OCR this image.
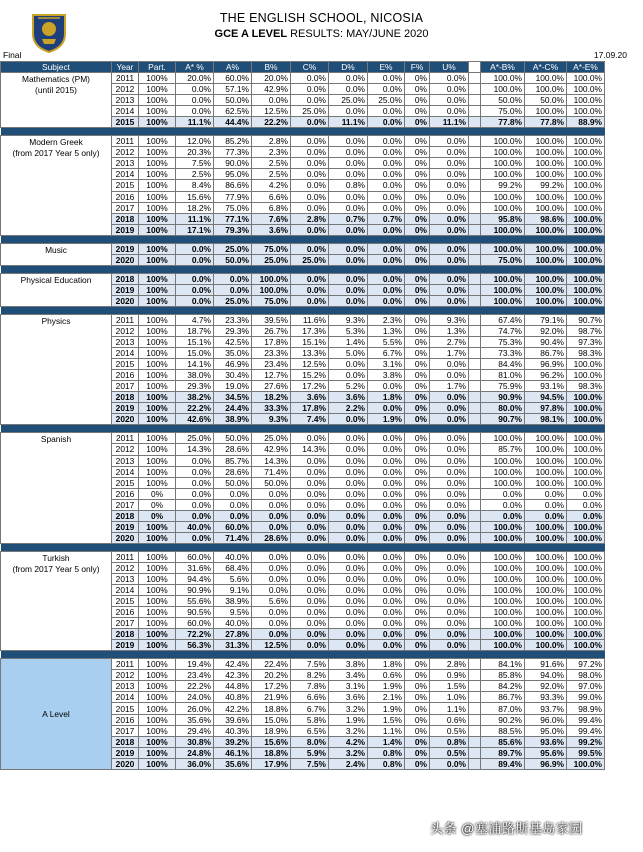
THE ENGLISH SCHOOL, NICOSIA
GCE A LEVEL RESULTS: MAY/JUNE 2020
Final	17.09.20
Subject	Year	Part.	A* %	A%	B%	C%	D%	E%	F%	U%		A*-B%	A*-C%	A*-E%
Mathematics (PM)
(until 2015)	2011	100%	20.0%	60.0%	20.0%	0.0%	0.0%	0.0%	0%	0.0%		100.0%	100.0%	100.0%
	2012	100%	0.0%	57.1%	42.9%	0.0%	0.0%	0.0%	0%	0.0%		100.0%	100.0%	100.0%
	2013	100%	0.0%	50.0%	0.0%	0.0%	25.0%	25.0%	0%	0.0%		50.0%	50.0%	100.0%
	2014	100%	0.0%	62.5%	12.5%	25.0%	0.0%	0.0%	0%	0.0%		75.0%	100.0%	100.0%
	2015	100%	11.1%	44.4%	22.2%	0.0%	11.1%	0.0%	0%	11.1%		77.8%	77.8%	88.9%

Modern Greek
(from 2017 Year 5 only)	2011	100%	12.0%	85.2%	2.8%	0.0%	0.0%	0.0%	0%	0.0%		100.0%	100.0%	100.0%
	2012	100%	20.3%	77.3%	2.3%	0.0%	0.0%	0.0%	0%	0.0%		100.0%	100.0%	100.0%
	2013	100%	7.5%	90.0%	2.5%	0.0%	0.0%	0.0%	0%	0.0%		100.0%	100.0%	100.0%
	2014	100%	2.5%	95.0%	2.5%	0.0%	0.0%	0.0%	0%	0.0%		100.0%	100.0%	100.0%
	2015	100%	8.4%	86.6%	4.2%	0.0%	0.8%	0.0%	0%	0.0%		99.2%	99.2%	100.0%
	2016	100%	15.6%	77.9%	6.6%	0.0%	0.0%	0.0%	0%	0.0%		100.0%	100.0%	100.0%
	2017	100%	18.2%	75.0%	6.8%	0.0%	0.0%	0.0%	0%	0.0%		100.0%	100.0%	100.0%
	2018	100%	11.1%	77.1%	7.6%	2.8%	0.7%	0.7%	0%	0.0%		95.8%	98.6%	100.0%
	2019	100%	17.1%	79.3%	3.6%	0.0%	0.0%	0.0%	0%	0.0%		100.0%	100.0%	100.0%

Music	2019	100%	0.0%	25.0%	75.0%	0.0%	0.0%	0.0%	0%	0.0%		100.0%	100.0%	100.0%
	2020	100%	0.0%	50.0%	25.0%	25.0%	0.0%	0.0%	0%	0.0%		75.0%	100.0%	100.0%

Physical Education	2018	100%	0.0%	0.0%	100.0%	0.0%	0.0%	0.0%	0%	0.0%		100.0%	100.0%	100.0%
	2019	100%	0.0%	0.0%	100.0%	0.0%	0.0%	0.0%	0%	0.0%		100.0%	100.0%	100.0%
	2020	100%	0.0%	25.0%	75.0%	0.0%	0.0%	0.0%	0%	0.0%		100.0%	100.0%	100.0%

Physics	2011	100%	4.7%	23.3%	39.5%	11.6%	9.3%	2.3%	0%	9.3%		67.4%	79.1%	90.7%
	2012	100%	18.7%	29.3%	26.7%	17.3%	5.3%	1.3%	0%	1.3%		74.7%	92.0%	98.7%
	2013	100%	15.1%	42.5%	17.8%	15.1%	1.4%	5.5%	0%	2.7%		75.3%	90.4%	97.3%
	2014	100%	15.0%	35.0%	23.3%	13.3%	5.0%	6.7%	0%	1.7%		73.3%	86.7%	98.3%
	2015	100%	14.1%	46.9%	23.4%	12.5%	0.0%	3.1%	0%	0.0%		84.4%	96.9%	100.0%
	2016	100%	38.0%	30.4%	12.7%	15.2%	0.0%	3.8%	0%	0.0%		81.0%	96.2%	100.0%
	2017	100%	29.3%	19.0%	27.6%	17.2%	5.2%	0.0%	0%	1.7%		75.9%	93.1%	98.3%
	2018	100%	38.2%	34.5%	18.2%	3.6%	3.6%	1.8%	0%	0.0%		90.9%	94.5%	100.0%
	2019	100%	22.2%	24.4%	33.3%	17.8%	2.2%	0.0%	0%	0.0%		80.0%	97.8%	100.0%
	2020	100%	42.6%	38.9%	9.3%	7.4%	0.0%	1.9%	0%	0.0%		90.7%	98.1%	100.0%

Spanish	2011	100%	25.0%	50.0%	25.0%	0.0%	0.0%	0.0%	0%	0.0%		100.0%	100.0%	100.0%
	2012	100%	14.3%	28.6%	42.9%	14.3%	0.0%	0.0%	0%	0.0%		85.7%	100.0%	100.0%
	2013	100%	0.0%	85.7%	14.3%	0.0%	0.0%	0.0%	0%	0.0%		100.0%	100.0%	100.0%
	2014	100%	0.0%	28.6%	71.4%	0.0%	0.0%	0.0%	0%	0.0%		100.0%	100.0%	100.0%
	2015	100%	0.0%	50.0%	50.0%	0.0%	0.0%	0.0%	0%	0.0%		100.0%	100.0%	100.0%
	2016	0%	0.0%	0.0%	0.0%	0.0%	0.0%	0.0%	0%	0.0%		0.0%	0.0%	0.0%
	2017	0%	0.0%	0.0%	0.0%	0.0%	0.0%	0.0%	0%	0.0%		0.0%	0.0%	0.0%
	2018	0%	0.0%	0.0%	0.0%	0.0%	0.0%	0.0%	0%	0.0%		0.0%	0.0%	0.0%
	2019	100%	40.0%	60.0%	0.0%	0.0%	0.0%	0.0%	0%	0.0%		100.0%	100.0%	100.0%
	2020	100%	0.0%	71.4%	28.6%	0.0%	0.0%	0.0%	0%	0.0%		100.0%	100.0%	100.0%

Turkish
(from 2017 Year 5 only)	2011	100%	60.0%	40.0%	0.0%	0.0%	0.0%	0.0%	0%	0.0%		100.0%	100.0%	100.0%
	2012	100%	31.6%	68.4%	0.0%	0.0%	0.0%	0.0%	0%	0.0%		100.0%	100.0%	100.0%
	2013	100%	94.4%	5.6%	0.0%	0.0%	0.0%	0.0%	0%	0.0%		100.0%	100.0%	100.0%
	2014	100%	90.9%	9.1%	0.0%	0.0%	0.0%	0.0%	0%	0.0%		100.0%	100.0%	100.0%
	2015	100%	55.6%	38.9%	5.6%	0.0%	0.0%	0.0%	0%	0.0%		100.0%	100.0%	100.0%
	2016	100%	90.5%	9.5%	0.0%	0.0%	0.0%	0.0%	0%	0.0%		100.0%	100.0%	100.0%
	2017	100%	60.0%	40.0%	0.0%	0.0%	0.0%	0.0%	0%	0.0%		100.0%	100.0%	100.0%
	2018	100%	72.2%	27.8%	0.0%	0.0%	0.0%	0.0%	0%	0.0%		100.0%	100.0%	100.0%
	2019	100%	56.3%	31.3%	12.5%	0.0%	0.0%	0.0%	0%	0.0%		100.0%	100.0%	100.0%

A Level	2011	100%	19.4%	42.4%	22.4%	7.5%	3.8%	1.8%	0%	2.8%		84.1%	91.6%	97.2%
	2012	100%	23.4%	42.3%	20.2%	8.2%	3.4%	0.6%	0%	0.9%		85.8%	94.0%	98.0%
	2013	100%	22.2%	44.8%	17.2%	7.8%	3.1%	1.9%	0%	1.5%		84.2%	92.0%	97.0%
	2014	100%	24.0%	40.8%	21.9%	6.6%	3.6%	2.1%	0%	1.0%		86.7%	93.3%	99.0%
	2015	100%	26.0%	42.2%	18.8%	6.7%	3.2%	1.9%	0%	1.1%		87.0%	93.7%	98.9%
	2016	100%	35.6%	39.6%	15.0%	5.8%	1.9%	1.5%	0%	0.6%		90.2%	96.0%	99.4%
	2017	100%	29.4%	40.3%	18.9%	6.5%	3.2%	1.1%	0%	0.5%		88.5%	95.0%	99.4%
	2018	100%	30.8%	39.2%	15.6%	8.0%	4.2%	1.4%	0%	0.8%		85.6%	93.6%	99.2%
	2019	100%	24.8%	46.1%	18.8%	5.9%	3.2%	0.8%	0%	0.5%		89.7%	95.6%	99.5%
	2020	100%	36.0%	35.6%	17.9%	7.5%	2.4%	0.8%	0%	0.0%		89.4%	96.9%	100.0%
头条 @塞浦路斯基岛家园
